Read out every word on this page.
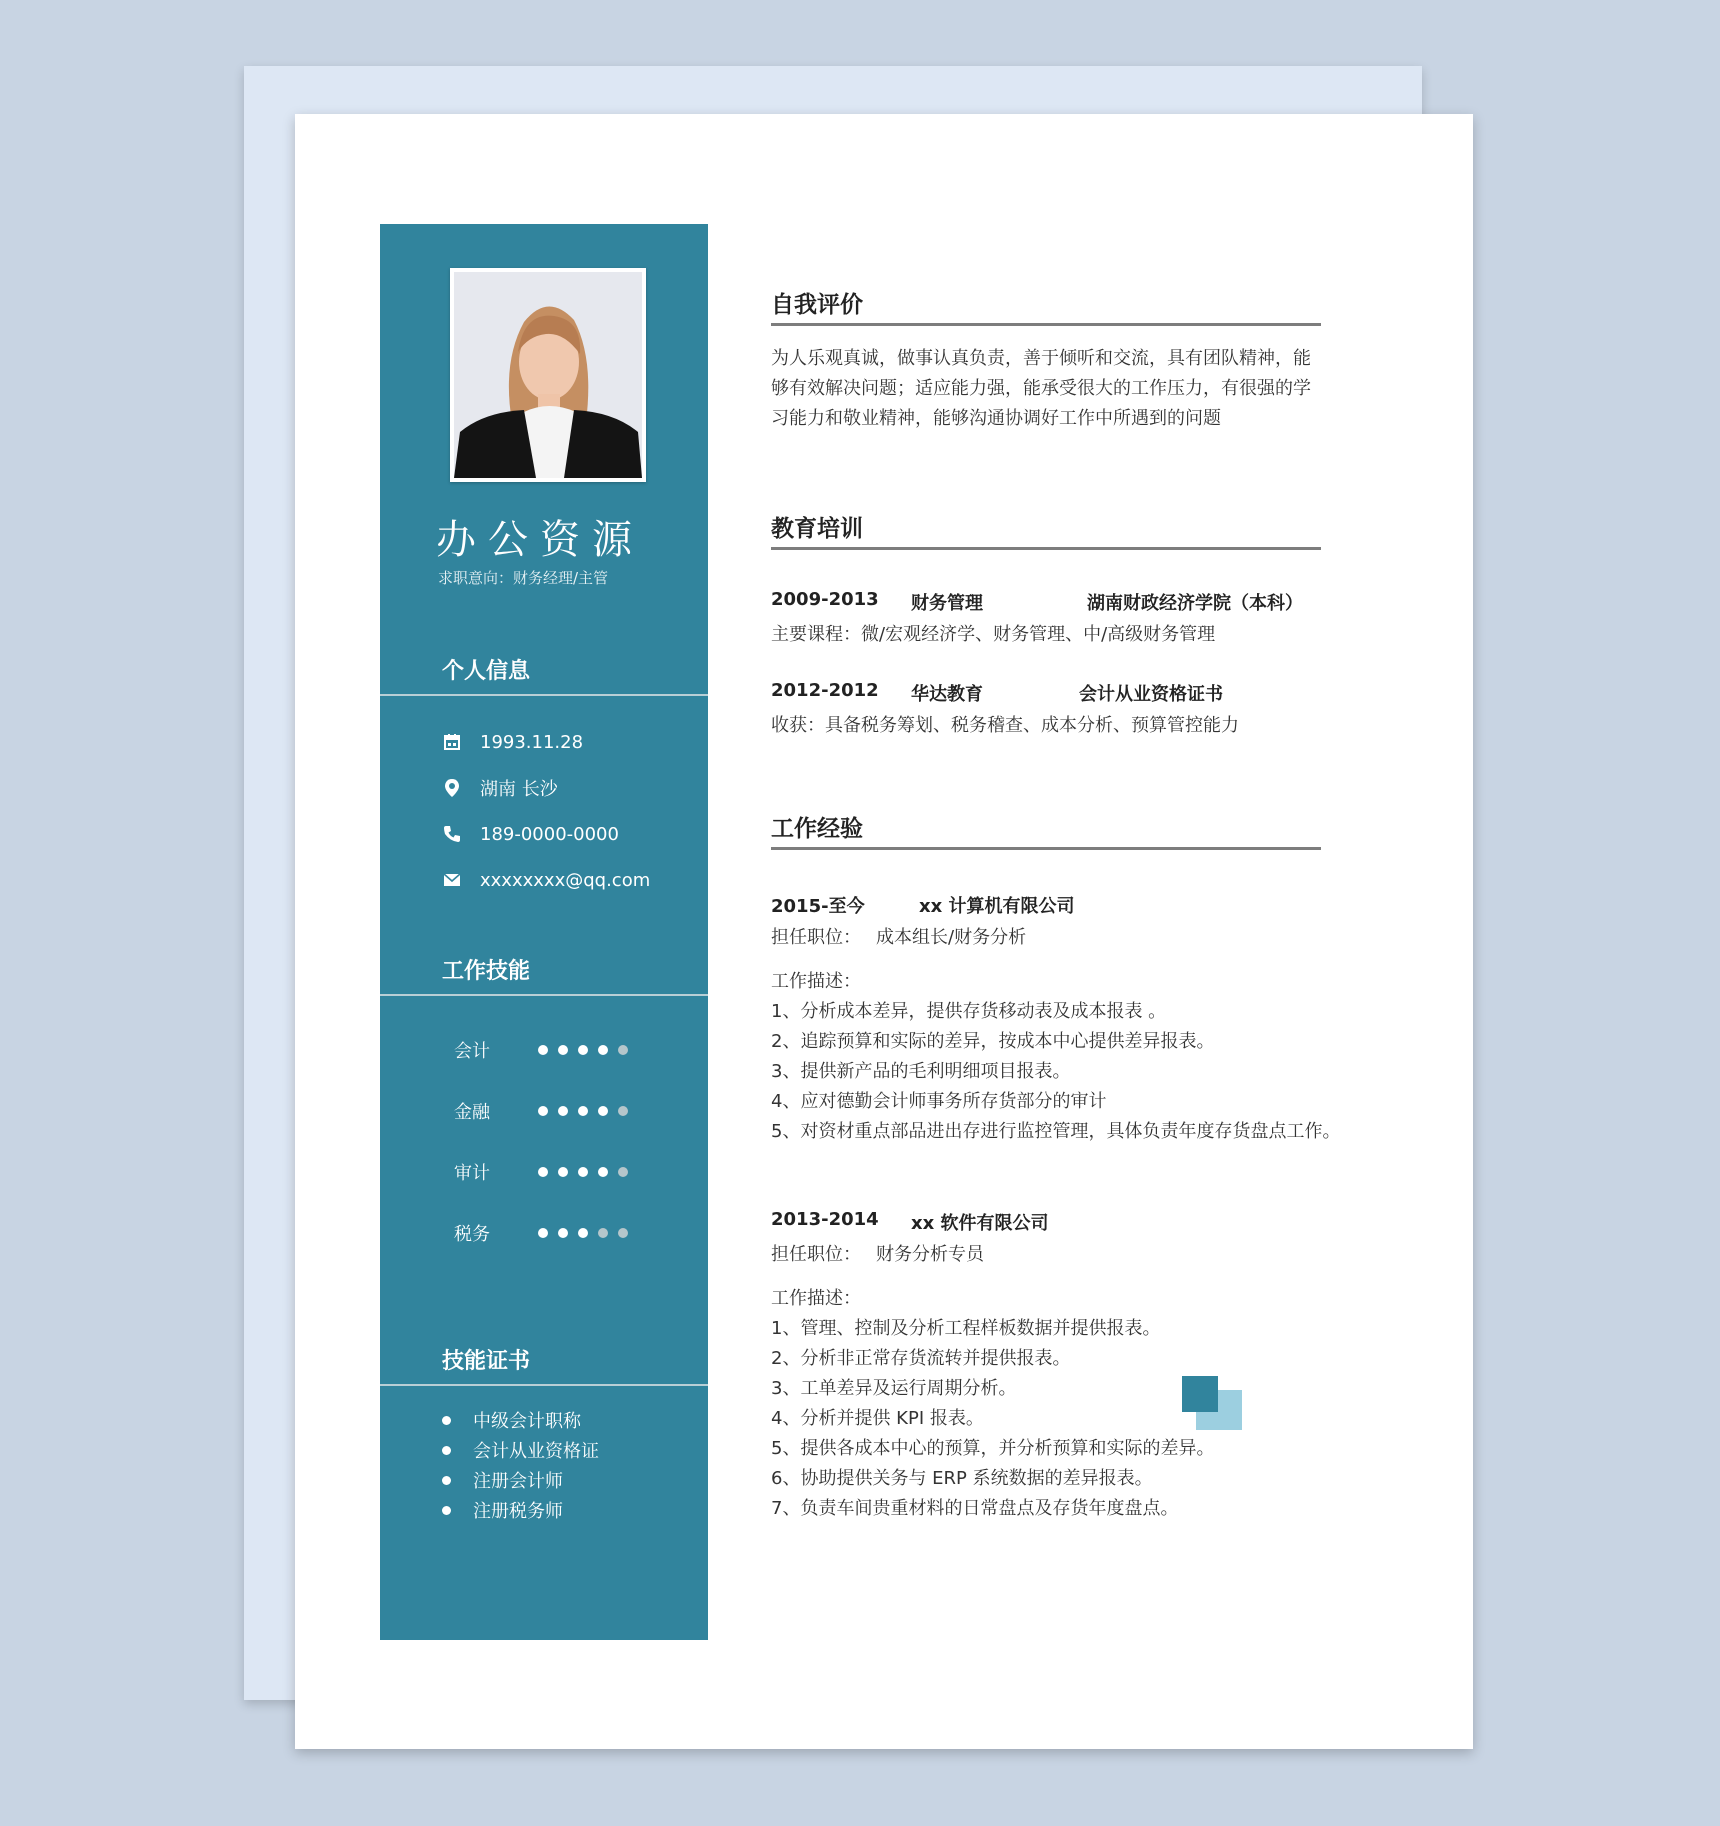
办公资源
求职意向：财务经理/主管
个人信息
1993.11.28
湖南 长沙
189-0000-0000
xxxxxxxx@qq.com
工作技能
会计
金融
审计
税务
技能证书
中级会计职称
会计从业资格证
注册会计师
注册税务师
自我评价
为人乐观真诚，做事认真负责，善于倾听和交流，具有团队精神，能够有效解决问题；适应能力强，能承受很大的工作压力，有很强的学习能力和敬业精神，能够沟通协调好工作中所遇到的问题
教育培训
2009-2013 财务管理	湖南财政经济学院（本科）
主要课程：微/宏观经济学、财务管理、中/高级财务管理
2012-2012 华达教育	会计从业资格证书
收获：具备税务筹划、税务稽查、成本分析、预算管控能力
工作经验
2015-至今	xx 计算机有限公司
担任职位： 成本组长/财务分析
工作描述：
1、分析成本差异，提供存货移动表及成本报表 。
2、追踪预算和实际的差异，按成本中心提供差异报表。
3、提供新产品的毛利明细项目报表。
4、应对德勤会计师事务所存货部分的审计
5、对资材重点部品进出存进行监控管理，具体负责年度存货盘点工作。
2013-2014 xx 软件有限公司
担任职位： 财务分析专员
工作描述：
1、管理、控制及分析工程样板数据并提供报表。
2、分析非正常存货流转并提供报表。
3、工单差异及运行周期分析。
4、分析并提供 KPI 报表。
5、提供各成本中心的预算，并分析预算和实际的差异。
6、协助提供关务与 ERP 系统数据的差异报表。
7、负责车间贵重材料的日常盘点及存货年度盘点。
